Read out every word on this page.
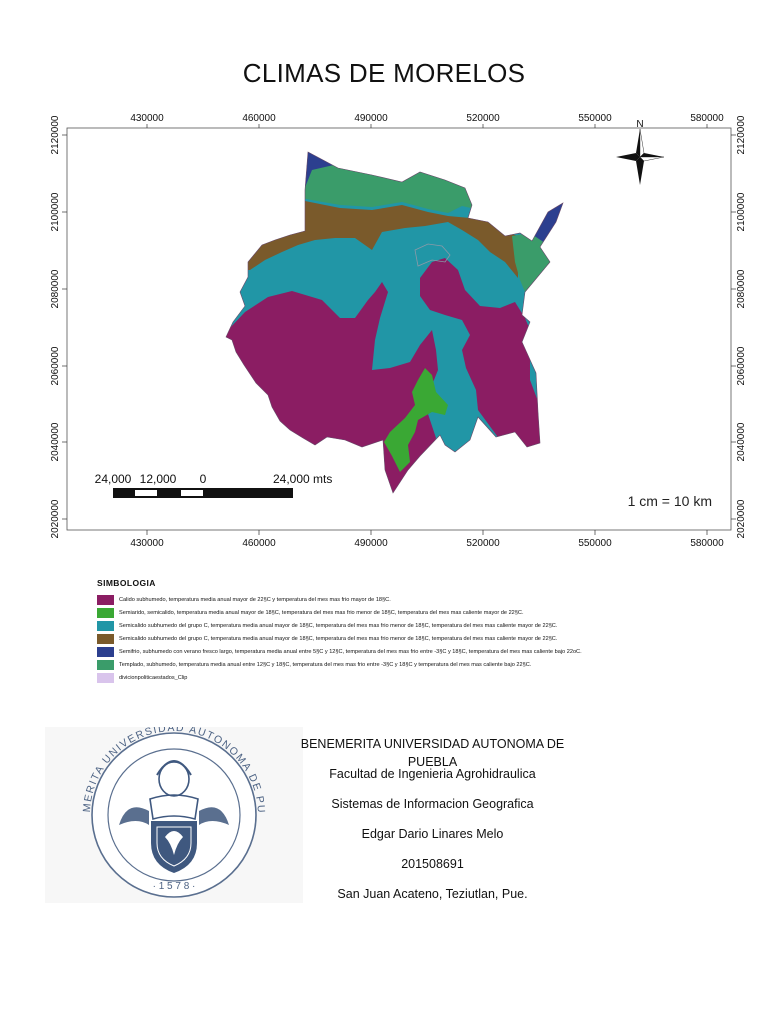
CLIMAS DE MORELOS
430000	460000	490000	520000	550000	580000
430000	460000	490000	520000	550000	580000
2120000
2100000
2080000
2060000
2040000
2020000
2120000
2100000
2080000
2060000
2040000
2020000
N
24,000 12,000 0	24,000 mts
1 cm = 10 km
SIMBOLOGIA
Calido subhumedo, temperatura media anual mayor de 22§C y temperatura del mes mas frio mayor de 18§C.
Semiarido, semicalido, temperatura media anual mayor de 18§C, temperatura del mes mas frio menor de 18§C, temperatura del mes mas caliente mayor de 22§C.
Semicalido subhumedo del grupo C, temperatura media anual mayor de 18§C, temperatura del mes mas frio menor de 18§C, temperatura del mes mas caliente mayor de 22§C.
Semicalido subhumedo del grupo C, temperatura media anual mayor de 18§C, temperatura del mes mas frio menor de 18§C, temperatura del mes mas caliente mayor de 22§C.
Semifrio, subhumedo con verano fresco largo, temperatura media anual entre 5§C y 12§C, temperatura del mes mas frio entre -3§C y 18§C, temperatura del mes mas caliente bajo 22oC.
Templado, subhumedo, temperatura media anual entre 12§C y 18§C, temperatura del mes mas frio entre -3§C y 18§C y temperatura del mes mas caliente bajo 22§C.
divicionpoliticaestados_Clip
MERITA UNIVERSIDAD AUTONOMA DE PU
· 1 5 7 8 ·
BENEMERITA UNIVERSIDAD AUTONOMA DE PUEBLA
Facultad de Ingenieria Agrohidraulica
Sistemas de Informacion Geografica
Edgar Dario Linares Melo
201508691
San Juan Acateno, Teziutlan, Pue.
